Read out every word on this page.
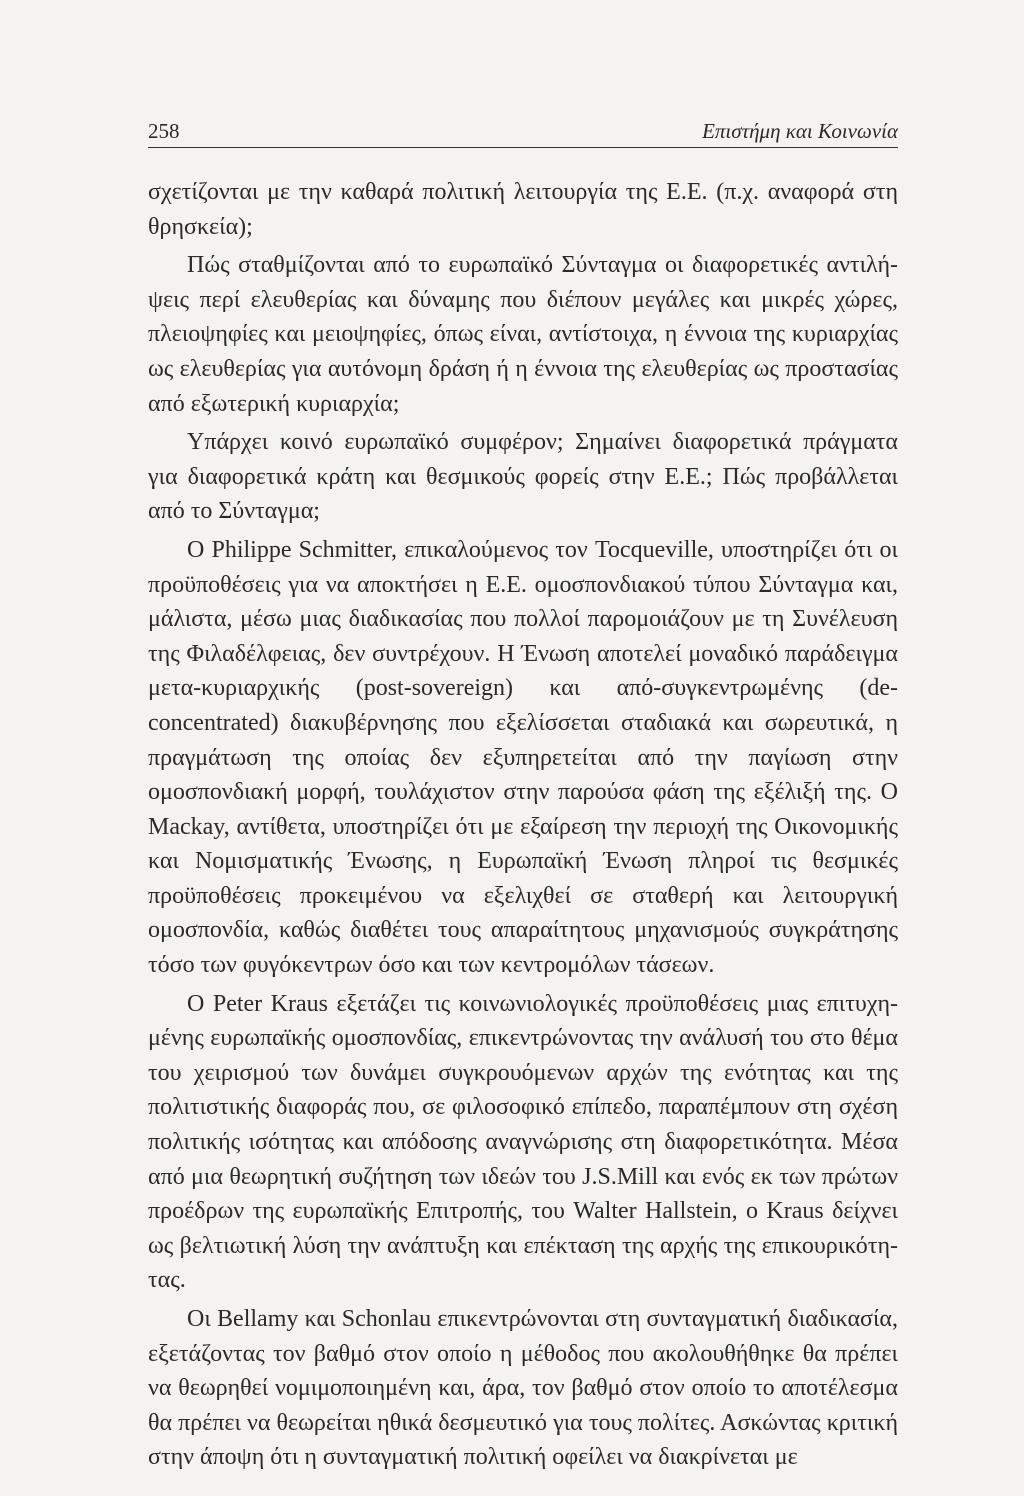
258	Επιστήμη και Κοινωνία

σχετίζονται με την καθαρά πολιτική λειτουργία της Ε.Ε. (π.χ. αναφορά στη θρησκεία);

Πώς σταθμίζονται από το ευρωπαϊκό Σύνταγμα οι διαφορετικές αντιλήψεις περί ελευθερίας και δύναμης που διέπουν μεγάλες και μικρές χώρες, πλειοψηφίες και μειοψηφίες, όπως είναι, αντίστοιχα, η έννοια της κυριαρχίας ως ελευθερίας για αυτόνομη δράση ή η έννοια της ελευθερίας ως προστασίας από εξωτερική κυριαρχία;

Υπάρχει κοινό ευρωπαϊκό συμφέρον; Σημαίνει διαφορετικά πράγματα για διαφορετικά κράτη και θεσμικούς φορείς στην Ε.Ε.; Πώς προβάλλεται από το Σύνταγμα;

Ο Philippe Schmitter, επικαλούμενος τον Tocqueville, υποστηρίζει ότι οι προϋποθέσεις για να αποκτήσει η Ε.Ε. ομοσπονδιακού τύπου Σύνταγμα και, μάλιστα, μέσω μιας διαδικασίας που πολλοί παρομοιάζουν με τη Συνέλευση της Φιλαδέλφειας, δεν συντρέχουν. Η Ένωση αποτελεί μοναδικό παράδειγμα μετα-κυριαρχικής (post-sovereign) και από-συγκεντρωμένης (de-concentrated) διακυβέρνησης που εξελίσσεται σταδιακά και σωρευτικά, η πραγμάτωση της οποίας δεν εξυπηρετείται από την παγίωση στην ομοσπονδιακή μορφή, τουλάχιστον στην παρούσα φάση της εξέλιξή της. Ο Mackay, αντίθετα, υποστηρίζει ότι με εξαίρεση την περιοχή της Οικονομικής και Νομισματικής Ένωσης, η Ευρωπαϊκή Ένωση πληροί τις θεσμικές προϋποθέσεις προκειμένου να εξελιχθεί σε σταθερή και λειτουργική ομοσπονδία, καθώς διαθέτει τους απαραίτητους μηχανισμούς συγκράτησης τόσο των φυγόκεντρων όσο και των κεντρομόλων τάσεων.

Ο Peter Kraus εξετάζει τις κοινωνιολογικές προϋποθέσεις μιας επιτυχημένης ευρωπαϊκής ομοσπονδίας, επικεντρώνοντας την ανάλυσή του στο θέμα του χειρισμού των δυνάμει συγκρουόμενων αρχών της ενότητας και της πολιτιστικής διαφοράς που, σε φιλοσοφικό επίπεδο, παραπέμπουν στη σχέση πολιτικής ισότητας και απόδοσης αναγνώρισης στη διαφορετικότητα. Μέσα από μια θεωρητική συζήτηση των ιδεών του J.S.Mill και ενός εκ των πρώτων προέδρων της ευρωπαϊκής Επιτροπής, του Walter Hallstein, ο Kraus δείχνει ως βελτιωτική λύση την ανάπτυξη και επέκταση της αρχής της επικουρικότητας.

Οι Bellamy και Schonlau επικεντρώνονται στη συνταγματική διαδικασία, εξετάζοντας τον βαθμό στον οποίο η μέθοδος που ακολουθήθηκε θα πρέπει να θεωρηθεί νομιμοποιημένη και, άρα, τον βαθμό στον οποίο το αποτέλεσμα θα πρέπει να θεωρείται ηθικά δεσμευτικό για τους πολίτες. Ασκώντας κριτική στην άποψη ότι η συνταγματική πολιτική οφείλει να διακρίνεται με
